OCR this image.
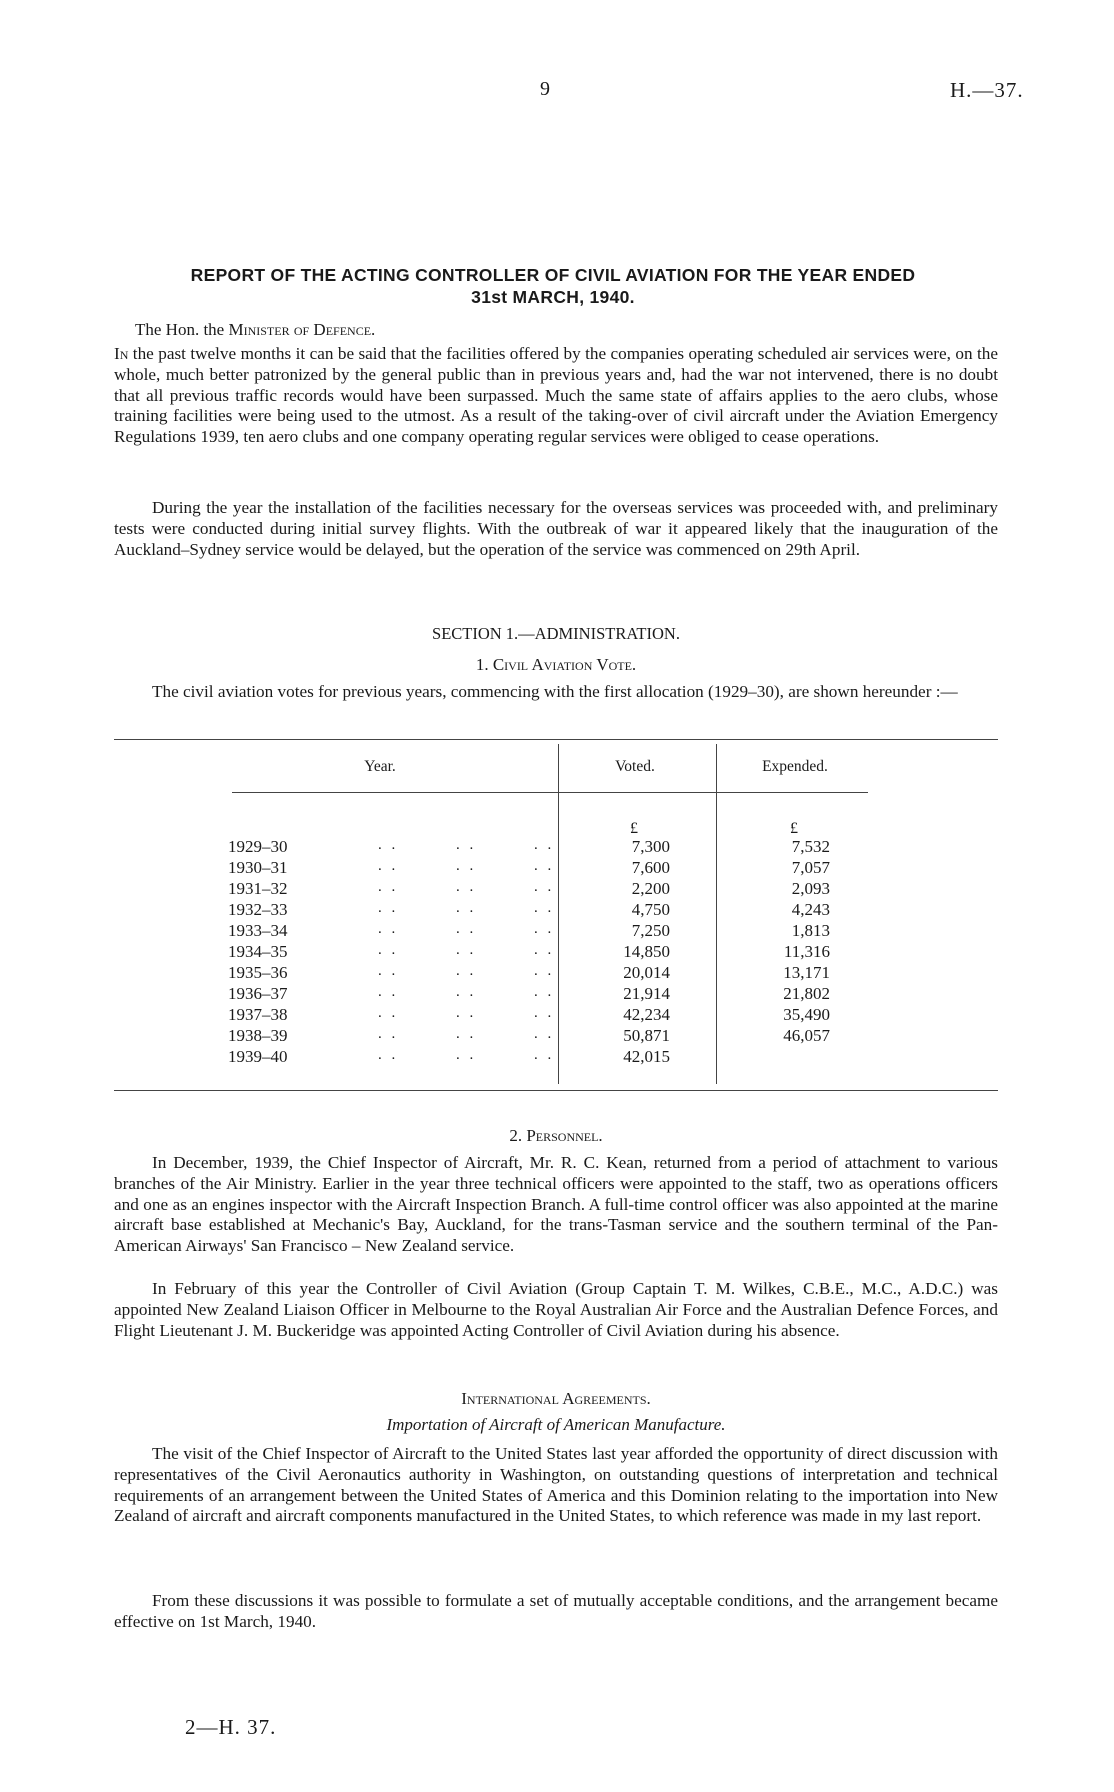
9	H.—37.
REPORT OF THE ACTING CONTROLLER OF CIVIL AVIATION FOR THE YEAR ENDED
31st MARCH, 1940.
The Hon. the Minister of Defence.

In the past twelve months it can be said that the facilities offered by the companies operating scheduled air services were, on the whole, much better patronized by the general public than in previous years and, had the war not intervened, there is no doubt that all previous traffic records would have been surpassed. Much the same state of affairs applies to the aero clubs, whose training facilities were being used to the utmost. As a result of the taking-over of civil aircraft under the Aviation Emergency Regulations 1939, ten aero clubs and one company operating regular services were obliged to cease operations.

During the year the installation of the facilities necessary for the overseas services was proceeded with, and preliminary tests were conducted during initial survey flights. With the outbreak of war it appeared likely that the inauguration of the Auckland–Sydney service would be delayed, but the operation of the service was commenced on 29th April.

SECTION 1.—ADMINISTRATION.
1. Civil Aviation Vote.

The civil aviation votes for previous years, commencing with the first allocation (1929–30), are shown hereunder :—

Year.	Voted.	Expended.
£	£
1929–30	. .	. .	. .	7,300	7,532
1930–31	. .	. .	. .	7,600	7,057
1931–32	. .	. .	. .	2,200	2,093
1932–33	. .	. .	. .	4,750	4,243
1933–34	. .	. .	. .	7,250	1,813
1934–35	. .	. .	. .	14,850	11,316
1935–36	. .	. .	. .	20,014	13,171
1936–37	. .	. .	. .	21,914	21,802
1937–38	. .	. .	. .	42,234	35,490
1938–39	. .	. .	. .	50,871	46,057
1939–40	. .	. .	. .	42,015
2. Personnel.

In December, 1939, the Chief Inspector of Aircraft, Mr. R. C. Kean, returned from a period of attachment to various branches of the Air Ministry. Earlier in the year three technical officers were appointed to the staff, two as operations officers and one as an engines inspector with the Aircraft Inspection Branch. A full-time control officer was also appointed at the marine aircraft base established at Mechanic's Bay, Auckland, for the trans-Tasman service and the southern terminal of the Pan-American Airways' San Francisco – New Zealand service.

In February of this year the Controller of Civil Aviation (Group Captain T. M. Wilkes, C.B.E., M.C., A.D.C.) was appointed New Zealand Liaison Officer in Melbourne to the Royal Australian Air Force and the Australian Defence Forces, and Flight Lieutenant J. M. Buckeridge was appointed Acting Controller of Civil Aviation during his absence.

International Agreements.
Importation of Aircraft of American Manufacture.

The visit of the Chief Inspector of Aircraft to the United States last year afforded the opportunity of direct discussion with representatives of the Civil Aeronautics authority in Washington, on outstanding questions of interpretation and technical requirements of an arrangement between the United States of America and this Dominion relating to the importation into New Zealand of aircraft and aircraft components manufactured in the United States, to which reference was made in my last report.

From these discussions it was possible to formulate a set of mutually acceptable conditions, and the arrangement became effective on 1st March, 1940.

2—H. 37.
